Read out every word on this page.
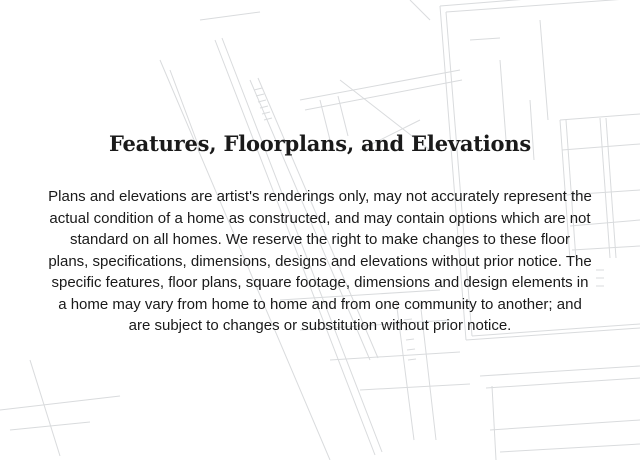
Features, Floorplans, and Elevations
Plans and elevations are artist's renderings only, may not accurately represent the actual condition of a home as constructed, and may contain options which are not standard on all homes. We reserve the right to make changes to these floor plans, specifications, dimensions, designs and elevations without prior notice. The specific features, floor plans, square footage, dimensions and design elements in a home may vary from home to home and from one community to another; and are subject to changes or substitution without prior notice.
